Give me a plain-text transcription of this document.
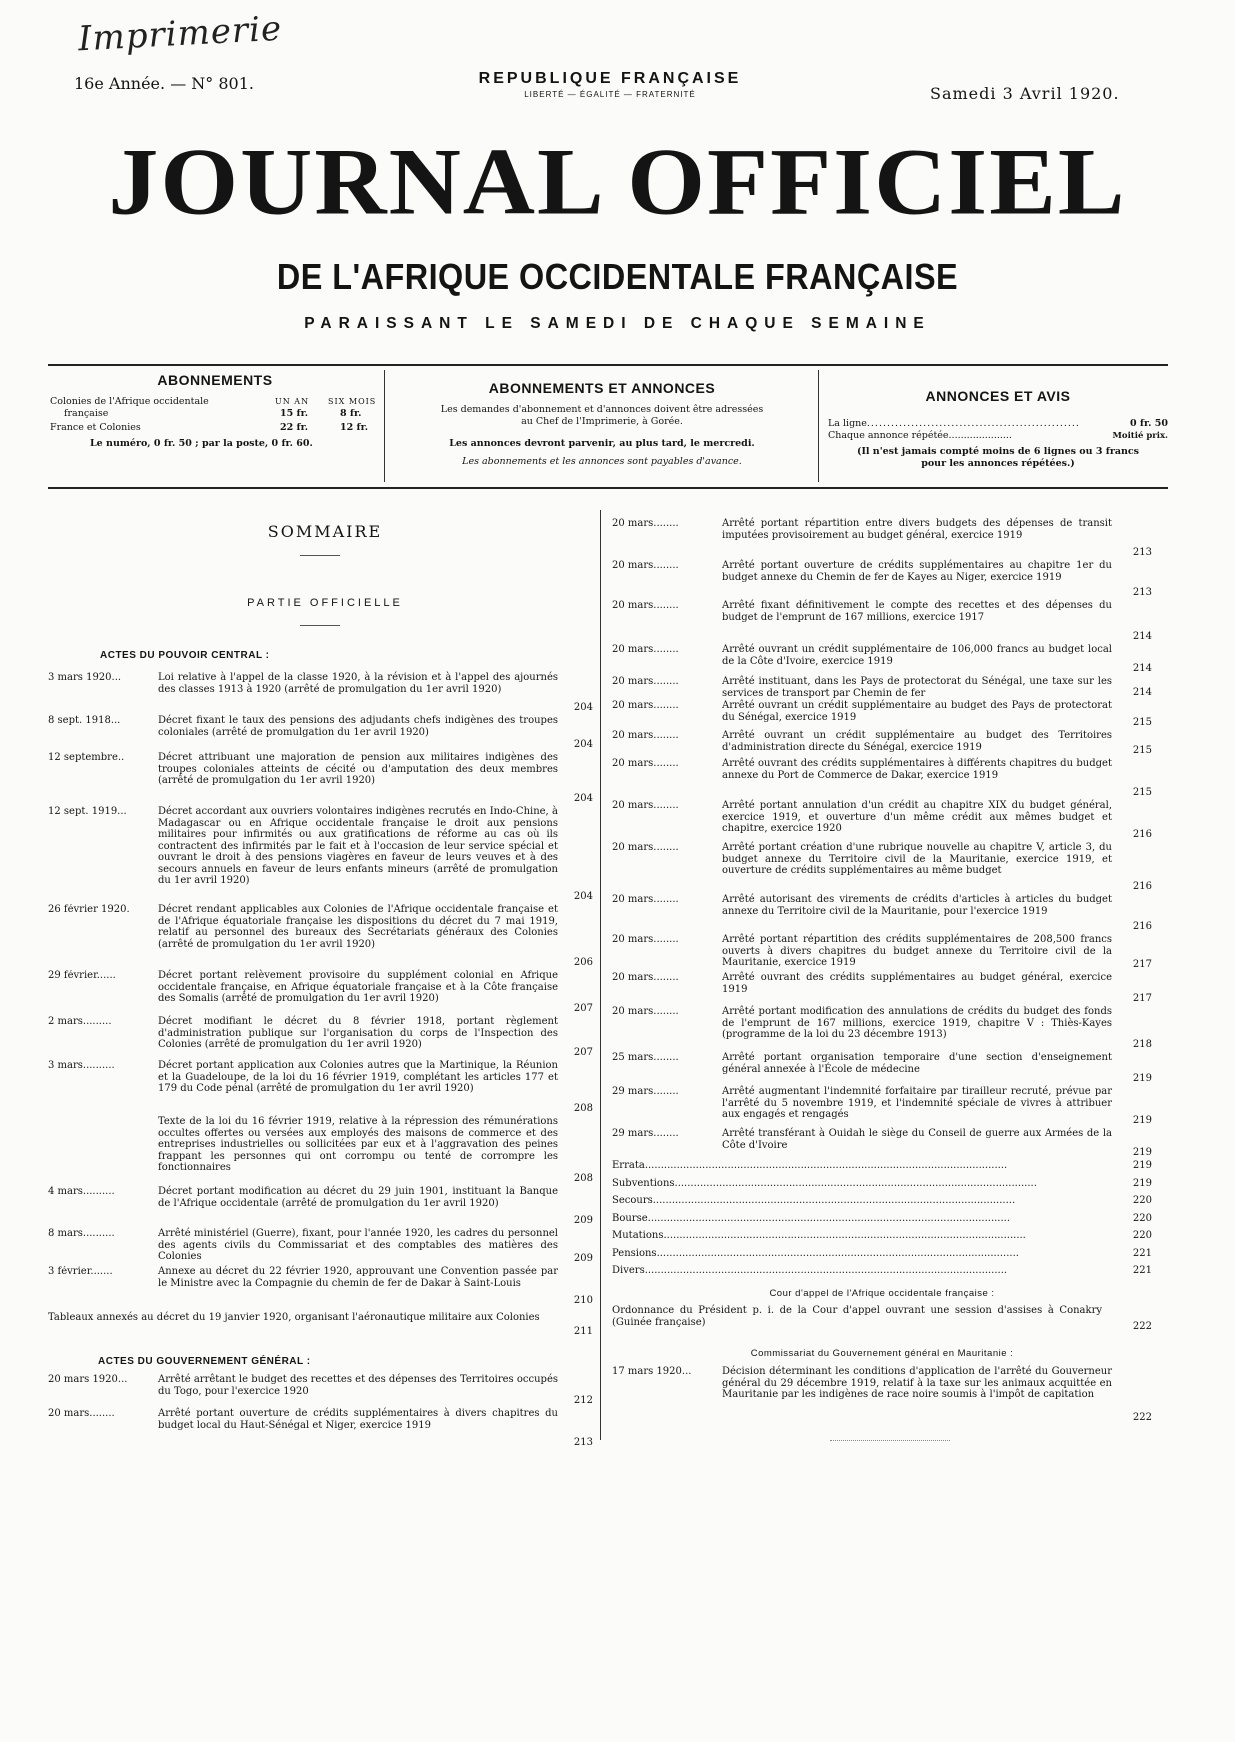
Imprimerie
16e Année. — N° 801.	REPUBLIQUE FRANÇAISE
LIBERTÉ — ÉGALITÉ — FRATERNITÉ	Samedi 3 Avril 1920.
JOURNAL OFFICIEL
DE L'AFRIQUE OCCIDENTALE FRANÇAISE
PARAISSANT LE SAMEDI DE CHAQUE SEMAINE
ABONNEMENTS
UN AN SIX MOIS
Colonies de l'Afrique occidentale
française	15 fr.	8 fr.
France et Colonies	22 fr.	12 fr.
Le numéro, 0 fr. 50 ; par la poste, 0 fr. 60.
ABONNEMENTS ET ANNONCES
Les demandes d'abonnement et d'annonces doivent être adressées
au Chef de l'Imprimerie, à Gorée.
Les annonces devront parvenir, au plus tard, le mercredi.
Les abonnements et les annonces sont payables d'avance.
ANNONCES ET AVIS
La ligne.....................................................	0 fr. 50
Chaque annonce répétée.....................	Moitié prix.
(Il n'est jamais compté moins de 6 lignes ou 3 francs
pour les annonces répétées.)
SOMMAIRE
PARTIE OFFICIELLE
ACTES DU POUVOIR CENTRAL :
3 mars 1920...	Loi relative à l'appel de la classe 1920, à la révision et à l'appel des ajournés des classes 1913 à 1920 (arrêté de promulgation du 1er avril 1920)
204
8 sept. 1918...	Décret fixant le taux des pensions des adjudants chefs indigènes des troupes coloniales (arrêté de promulgation du 1er avril 1920)
204
12 septembre..	Décret attribuant une majoration de pension aux militaires indigènes des troupes coloniales atteints de cécité ou d'amputation des deux membres (arrêté de promulgation du 1er avril 1920)
204
12 sept. 1919...	Décret accordant aux ouvriers volontaires indigènes recrutés en Indo-Chine, à Madagascar ou en Afrique occidentale française le droit aux pensions militaires pour infirmités ou aux gratifications de réforme au cas où ils contractent des infirmités par le fait et à l'occasion de leur service spécial et ouvrant le droit à des pensions viagères en faveur de leurs veuves et à des secours annuels en faveur de leurs enfants mineurs (arrêté de promulgation du 1er avril 1920)
204
26 février 1920.	Décret rendant applicables aux Colonies de l'Afrique occidentale française et de l'Afrique équatoriale française les dispositions du décret du 7 mai 1919, relatif au personnel des bureaux des Secrétariats généraux des Colonies (arrêté de promulgation du 1er avril 1920)
206
29 février......	Décret portant relèvement provisoire du supplément colonial en Afrique occidentale française, en Afrique équatoriale française et à la Côte française des Somalis (arrêté de promulgation du 1er avril 1920)
207
2 mars.........	Décret modifiant le décret du 8 février 1918, portant règlement d'administration publique sur l'organisation du corps de l'Inspection des Colonies (arrêté de promulgation du 1er avril 1920)
207
3 mars..........	Décret portant application aux Colonies autres que la Martinique, la Réunion et la Guadeloupe, de la loi du 16 février 1919, complétant les articles 177 et 179 du Code pénal (arrêté de promulgation du 1er avril 1920)
208
Texte de la loi du 16 février 1919, relative à la répression des rémunérations occultes offertes ou versées aux employés des maisons de commerce et des entreprises industrielles ou sollicitées par eux et à l'aggravation des peines frappant les personnes qui ont corrompu ou tenté de corrompre les fonctionnaires
208
4 mars..........	Décret portant modification au décret du 29 juin 1901, instituant la Banque de l'Afrique occidentale (arrêté de promulgation du 1er avril 1920)
209
8 mars..........	Arrêté ministériel (Guerre), fixant, pour l'année 1920, les cadres du personnel des agents civils du Commissariat et des comptables des matières des Colonies	209
3 février.......	Annexe au décret du 22 février 1920, approuvant une Convention passée par le Ministre avec la Compagnie du chemin de fer de Dakar à Saint-Louis
210
Tableaux annexés au décret du 19 janvier 1920, organisant l'aéronautique militaire aux Colonies
211
ACTES DU GOUVERNEMENT GÉNÉRAL :
20 mars 1920...	Arrêté arrêtant le budget des recettes et des dépenses des Territoires occupés du Togo, pour l'exercice 1920
212
20 mars........	Arrêté portant ouverture de crédits supplémentaires à divers chapitres du budget local du Haut-Sénégal et Niger, exercice 1919
213
20 mars........	Arrêté portant répartition entre divers budgets des dépenses de transit imputées provisoirement au budget général, exercice 1919
213
20 mars........	Arrêté portant ouverture de crédits supplémentaires au chapitre 1er du budget annexe du Chemin de fer de Kayes au Niger, exercice 1919
213
20 mars........	Arrêté fixant définitivement le compte des recettes et des dépenses du budget de l'emprunt de 167 millions, exercice 1917
214
20 mars........	Arrêté ouvrant un crédit supplémentaire de 106,000 francs au budget local de la Côte d'Ivoire, exercice 1919
214
20 mars........	Arrêté instituant, dans les Pays de protectorat du Sénégal, une taxe sur les services de transport par Chemin de fer	214
20 mars........	Arrêté ouvrant un crédit supplémentaire au budget des Pays de protectorat du Sénégal, exercice 1919	215
20 mars........	Arrêté ouvrant un crédit supplémentaire au budget des Territoires d'administration directe du Sénégal, exercice 1919	215
20 mars........	Arrêté ouvrant des crédits supplémentaires à différents chapitres du budget annexe du Port de Commerce de Dakar, exercice 1919
215
20 mars........	Arrêté portant annulation d'un crédit au chapitre XIX du budget général, exercice 1919, et ouverture d'un même crédit aux mêmes budget et chapitre, exercice 1920
216
20 mars........	Arrêté portant création d'une rubrique nouvelle au chapitre V, article 3, du budget annexe du Territoire civil de la Mauritanie, exercice 1919, et ouverture de crédits supplémentaires au même budget
216
20 mars........	Arrêté autorisant des virements de crédits d'articles à articles du budget annexe du Territoire civil de la Mauritanie, pour l'exercice 1919
216
20 mars........	Arrêté portant répartition des crédits supplémentaires de 208,500 francs ouverts à divers chapitres du budget annexe du Territoire civil de la Mauritanie, exercice 1919	217
20 mars........	Arrêté ouvrant des crédits supplémentaires au budget général, exercice 1919
217
20 mars........	Arrêté portant modification des annulations de crédits du budget des fonds de l'emprunt de 167 millions, exercice 1919, chapitre V : Thiès-Kayes (programme de la loi du 23 décembre 1913)
218
25 mars........	Arrêté portant organisation temporaire d'une section d'enseignement général annexée à l'École de médecine
219
29 mars........	Arrêté augmentant l'indemnité forfaitaire par tirailleur recruté, prévue par l'arrêté du 5 novembre 1919, et l'indemnité spéciale de vivres à attribuer aux engagés et rengagés
219
29 mars........	Arrêté transférant à Ouidah le siège du Conseil de guerre aux Armées de la Côte d'Ivoire
219
Errata..................................................................................................................	219
Subventions..................................................................................................................	219
Secours..................................................................................................................	220
Bourse..................................................................................................................	220
Mutations..................................................................................................................	220
Pensions..................................................................................................................	221
Divers..................................................................................................................	221
Cour d'appel de l'Afrique occidentale française :
Ordonnance du Président p. i. de la Cour d'appel ouvrant une session d'assises à Conakry (Guinée française)	222
Commissariat du Gouvernement général en Mauritanie :
17 mars 1920...	Décision déterminant les conditions d'application de l'arrêté du Gouverneur général du 29 décembre 1919, relatif à la taxe sur les animaux acquittée en Mauritanie par les indigènes de race noire soumis à l'impôt de capitation
222
